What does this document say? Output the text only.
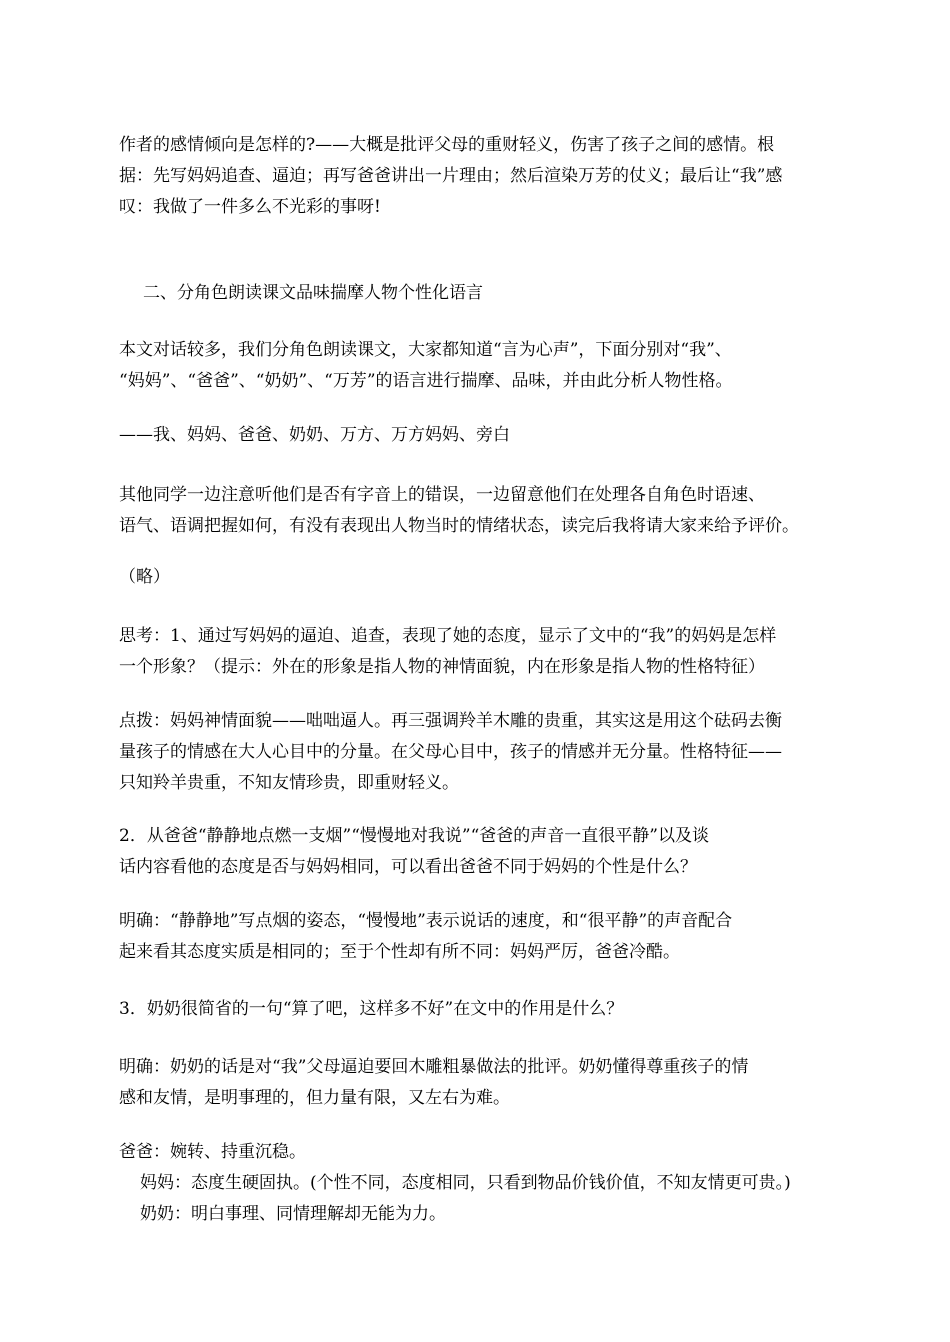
作者的感情倾向是怎样的?——大概是批评父母的重财轻义，伤害了孩子之间的感情。根
据：先写妈妈追查、逼迫；再写爸爸讲出一片理由；然后渲染万芳的仗义；最后让“我”感
叹：我做了一件多么不光彩的事呀!
二、分角色朗读课文品味揣摩人物个性化语言
本文对话较多，我们分角色朗读课文，大家都知道“言为心声”，下面分别对“我”、
“妈妈”、“爸爸”、“奶奶”、“万芳”的语言进行揣摩、品味，并由此分析人物性格。
——我、妈妈、爸爸、奶奶、万方、万方妈妈、旁白
其他同学一边注意听他们是否有字音上的错误，一边留意他们在处理各自角色时语速、
语气、语调把握如何，有没有表现出人物当时的情绪状态，读完后我将请大家来给予评价。
（略）
思考：1、通过写妈妈的逼迫、追查，表现了她的态度，显示了文中的“我”的妈妈是怎样
一个形象？（提示：外在的形象是指人物的神情面貌，内在形象是指人物的性格特征）
点拨：妈妈神情面貌——咄咄逼人。再三强调羚羊木雕的贵重，其实这是用这个砝码去衡
量孩子的情感在大人心目中的分量。在父母心目中，孩子的情感并无分量。性格特征——
只知羚羊贵重，不知友情珍贵，即重财轻义。
2．从爸爸“静静地点燃一支烟”“慢慢地对我说”“爸爸的声音一直很平静”以及谈
话内容看他的态度是否与妈妈相同，可以看出爸爸不同于妈妈的个性是什么？
明确：“静静地”写点烟的姿态，“慢慢地”表示说话的速度，和“很平静”的声音配合
起来看其态度实质是相同的；至于个性却有所不同：妈妈严厉，爸爸冷酷。
3．奶奶很简省的一句“算了吧，这样多不好”在文中的作用是什么？
明确：奶奶的话是对“我”父母逼迫要回木雕粗暴做法的批评。奶奶懂得尊重孩子的情
感和友情，是明事理的，但力量有限，又左右为难。
爸爸：婉转、持重沉稳。
妈妈：态度生硬固执。(个性不同，态度相同，只看到物品价钱价值，不知友情更可贵。)
奶奶：明白事理、同情理解却无能为力。
